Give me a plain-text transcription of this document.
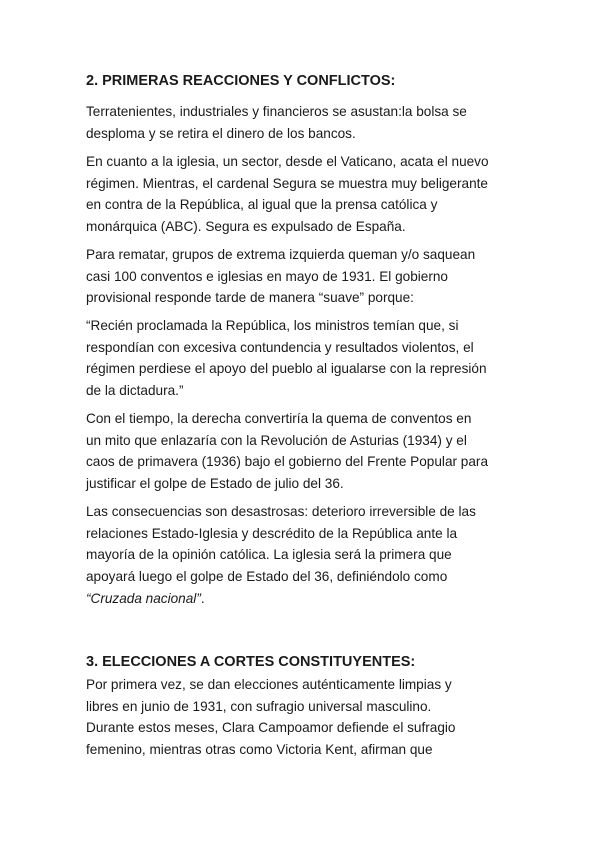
2. PRIMERAS REACCIONES Y CONFLICTOS:

Terratenientes, industriales y financieros se asustan:la bolsa se
desploma y se retira el dinero de los bancos.

En cuanto a la iglesia, un sector, desde el Vaticano, acata el nuevo
régimen. Mientras, el cardenal Segura se muestra muy beligerante
en contra de la República, al igual que la prensa católica y
monárquica (ABC). Segura es expulsado de España.

Para rematar, grupos de extrema izquierda queman y/o saquean
casi 100 conventos e iglesias en mayo de 1931. El gobierno
provisional responde tarde de manera “suave” porque:

“Recién proclamada la República, los ministros temían que, si
respondían con excesiva contundencia y resultados violentos, el
régimen perdiese el apoyo del pueblo al igualarse con la represión
de la dictadura.”

Con el tiempo, la derecha convertiría la quema de conventos en
un mito que enlazaría con la Revolución de Asturias (1934) y el
caos de primavera (1936) bajo el gobierno del Frente Popular para
justificar el golpe de Estado de julio del 36.

Las consecuencias son desastrosas: deterioro irreversible de las
relaciones Estado-Iglesia y descrédito de la República ante la
mayoría de la opinión católica. La iglesia será la primera que
apoyará luego el golpe de Estado del 36, definiéndolo como
“Cruzada nacional”.

3. ELECCIONES A CORTES CONSTITUYENTES:

Por primera vez, se dan elecciones auténticamente limpias y
libres en junio de 1931, con sufragio universal masculino.
Durante estos meses, Clara Campoamor defiende el sufragio
femenino, mientras otras como Victoria Kent, afirman que
